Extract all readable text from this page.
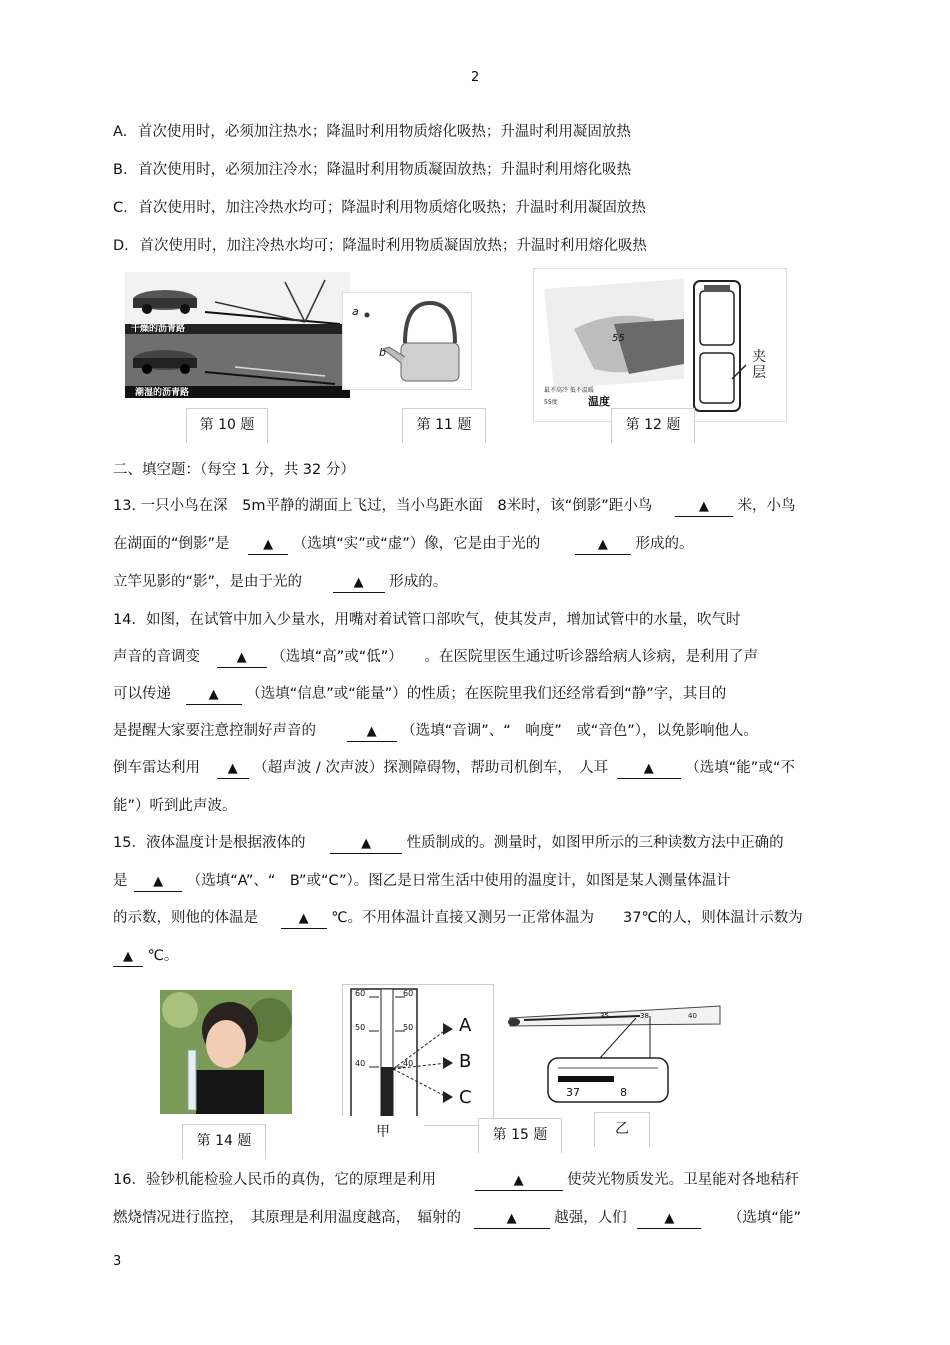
2
3
A. 首次使用时，必须加注热水；降温时利用物质熔化吸热；升温时利用凝固放热
B. 首次使用时，必须加注冷水；降温时利用物质凝固放热；升温时利用熔化吸热
C. 首次使用时，加注冷热水均可；降温时利用物质熔化吸热；升温时利用凝固放热
D. 首次使用时，加注冷热水均可；降温时利用物质凝固放热；升温时利用熔化吸热
干燥的沥青路
潮湿的沥青路
a
b
55
夹层
最不高冷 低不温暖
55度	温度
第 10 题	第 11 题	第 12 题
二、填空题：（每空 1 分，共 32 分）
13. 一只小鸟在深　5m平静的湖面上飞过，当小鸟距水面　8米时，该“倒影”距小鸟	▲ 米，小鸟
在湖面的“倒影”是	▲ （选填“实”或“虚”）像，它是由于光的	▲ 形成的。
立竿见影的“影”，是由于光的	▲ 形成的。
14．如图，在试管中加入少量水，用嘴对着试管口部吹气，使其发声，增加试管中的水量，吹气时
声音的音调变	▲ （选填“高”或“低”）　　。在医院里医生通过听诊器给病人诊病，是利用了声
可以传递	▲ （选填“信息”或“能量”）的性质；在医院里我们还经常看到“静”字，其目的
是提醒大家要注意控制好声音的	▲ （选填“音调”、“　响度”　或“音色”），以免影响他人。
倒车雷达利用 ▲ （超声波 / 次声波）探测障碍物，帮助司机倒车，　人耳	▲ （选填“能”或“不
能”）听到此声波。
15．液体温度计是根据液体的	▲ 性质制成的。测量时，如图甲所示的三种读数方法中正确的
是 ▲ （选填“A”、“　B”或“C”）。图乙是日常生活中使用的温度计，如图是某人测量体温计
的示数，则他的体温是	▲ ℃。不用体温计直接又测另一正常体温为　　37℃的人，则体温计示数为
▲ ℃。
60
50
40
60
50
40
A
B
C
35	38	40
37	8
第 14 题
甲	第 15 题	乙
16．验钞机能检验人民币的真伪，它的原理是利用	▲	使荧光物质发光。卫星能对各地秸秆
燃烧情况进行监控，　其原理是利用温度越高，　辐射的	▲	越强，人们	▲	（选填“能”
